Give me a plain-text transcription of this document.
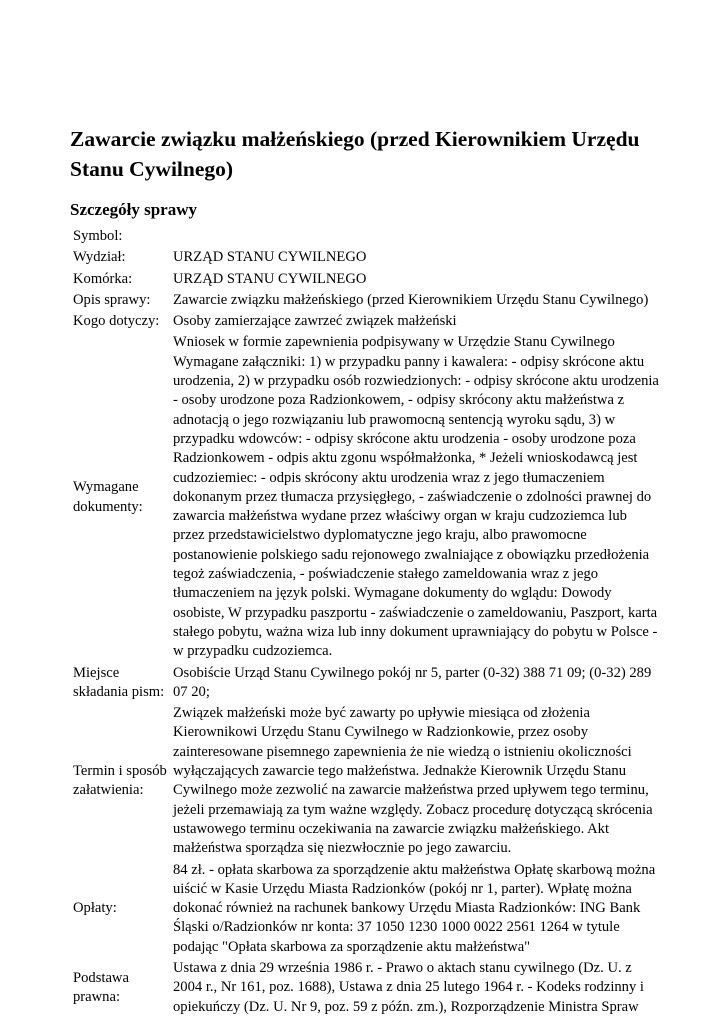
Zawarcie związku małżeńskiego (przed Kierownikiem Urzędu Stanu Cywilnego)
Szczegóły sprawy
Symbol:	
Wydział:	URZĄD STANU CYWILNEGO
Komórka:	URZĄD STANU CYWILNEGO
Opis sprawy:	Zawarcie związku małżeńskiego (przed Kierownikiem Urzędu Stanu Cywilnego)
Kogo dotyczy:	Osoby zamierzające zawrzeć związek małżeński
Wymagane dokumenty:	Wniosek w formie zapewnienia podpisywany w Urzędzie Stanu Cywilnego Wymagane załączniki: 1) w przypadku panny i kawalera: - odpisy skrócone aktu urodzenia, 2) w przypadku osób rozwiedzionych: - odpisy skrócone aktu urodzenia - osoby urodzone poza Radzionkowem, - odpisy skrócony aktu małżeństwa z adnotacją o jego rozwiązaniu lub prawomocną sentencją wyroku sądu, 3) w przypadku wdowców: - odpisy skrócone aktu urodzenia - osoby urodzone poza Radzionkowem - odpis aktu zgonu współmałżonka, * Jeżeli wnioskodawcą jest cudzoziemiec: - odpis skrócony aktu urodzenia wraz z jego tłumaczeniem dokonanym przez tłumacza przysięgłego, - zaświadczenie o zdolności prawnej do zawarcia małżeństwa wydane przez właściwy organ w kraju cudzoziemca lub przez przedstawicielstwo dyplomatyczne jego kraju, albo prawomocne postanowienie polskiego sadu rejonowego zwalniające z obowiązku przedłożenia tegoż zaświadczenia, - poświadczenie stałego zameldowania wraz z jego tłumaczeniem na język polski. Wymagane dokumenty do wglądu: Dowody osobiste, W przypadku paszportu - zaświadczenie o zameldowaniu, Paszport, karta stałego pobytu, ważna wiza lub inny dokument uprawniający do pobytu w Polsce - w przypadku cudzoziemca.
Miejsce składania pism:	Osobiście Urząd Stanu Cywilnego pokój nr 5, parter (0-32) 388 71 09; (0-32) 289 07 20;
Termin i sposób załatwienia:	Związek małżeński może być zawarty po upływie miesiąca od złożenia Kierownikowi Urzędu Stanu Cywilnego w Radzionkowie, przez osoby zainteresowane pisemnego zapewnienia że nie wiedzą o istnieniu okoliczności wyłączających zawarcie tego małżeństwa. Jednakże Kierownik Urzędu Stanu Cywilnego może zezwolić na zawarcie małżeństwa przed upływem tego terminu, jeżeli przemawiają za tym ważne względy. Zobacz procedurę dotyczącą skrócenia ustawowego terminu oczekiwania na zawarcie związku małżeńskiego. Akt małżeństwa sporządza się niezwłocznie po jego zawarciu.
Opłaty:	84 zł. - opłata skarbowa za sporządzenie aktu małżeństwa Opłatę skarbową można uiścić w Kasie Urzędu Miasta Radzionków (pokój nr 1, parter). Wpłatę można dokonać również na rachunek bankowy Urzędu Miasta Radzionków: ING Bank Śląski o/Radzionków nr konta: 37 1050 1230 1000 0022 2561 1264 w tytule podając "Opłata skarbowa za sporządzenie aktu małżeństwa"
Podstawa prawna:	Ustawa z dnia 29 września 1986 r. - Prawo o aktach stanu cywilnego (Dz. U. z 2004 r., Nr 161, poz. 1688), Ustawa z dnia 25 lutego 1964 r. - Kodeks rodzinny i opiekuńczy (Dz. U. Nr 9, poz. 59 z późn. zm.), Rozporządzenie Ministra Spraw
